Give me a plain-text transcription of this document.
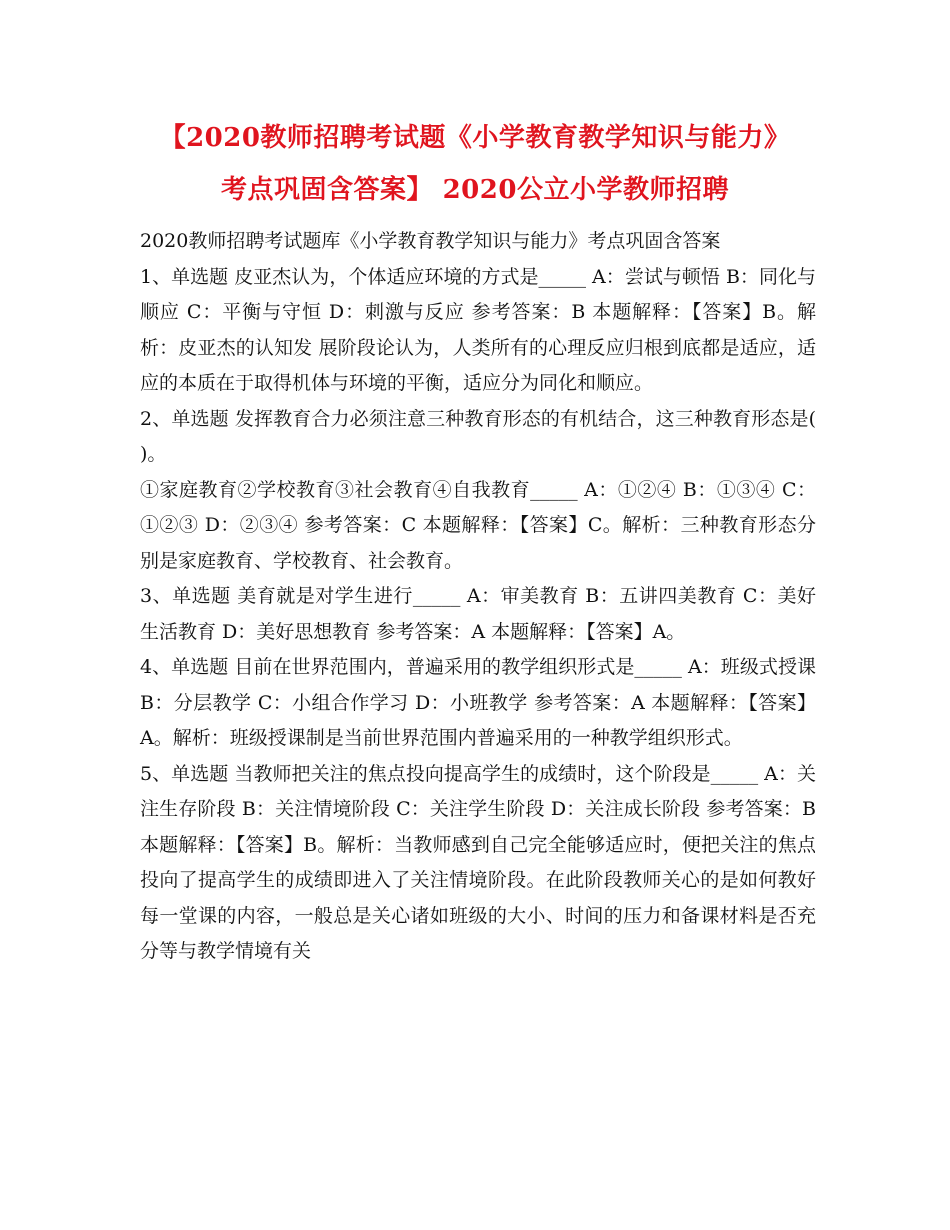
【2020教师招聘考试题《小学教育教学知识与能力》
考点巩固含答案】 2020公立小学教师招聘

2020教师招聘考试题库《小学教育教学知识与能力》考点巩固含答案

1、单选题 皮亚杰认为，个体适应环境的方式是_____ A：尝试与顿悟 B：同化与顺应 C：平衡与守恒 D：刺激与反应 参考答案：B 本题解释：【答案】B。解析：皮亚杰的认知发 展阶段论认为，人类所有的心理反应归根到底都是适应，适应的本质在于取得机体与环境的平衡，适应分为同化和顺应。

2、单选题 发挥教育合力必须注意三种教育形态的有机结合，这三种教育形态是( )。

①家庭教育②学校教育③社会教育④自我教育_____ A：①②④ B：①③④ C：①②③ D：②③④ 参考答案：C 本题解释：【答案】C。解析：三种教育形态分别是家庭教育、学校教育、社会教育。

3、单选题 美育就是对学生进行_____ A：审美教育 B：五讲四美教育 C：美好生活教育 D：美好思想教育 参考答案：A 本题解释：【答案】A。

4、单选题 目前在世界范围内，普遍采用的教学组织形式是_____ A：班级式授课 B：分层教学 C：小组合作学习 D：小班教学 参考答案：A 本题解释：【答案】A。解析：班级授课制是当前世界范围内普遍采用的一种教学组织形式。

5、单选题 当教师把关注的焦点投向提高学生的成绩时，这个阶段是_____ A：关注生存阶段 B：关注情境阶段 C：关注学生阶段 D：关注成长阶段 参考答案：B 本题解释：【答案】B。解析：当教师感到自己完全能够适应时，便把关注的焦点投向了提高学生的成绩即进入了关注情境阶段。在此阶段教师关心的是如何教好每一堂课的内容，一般总是关心诸如班级的大小、时间的压力和备课材料是否充分等与教学情境有关
